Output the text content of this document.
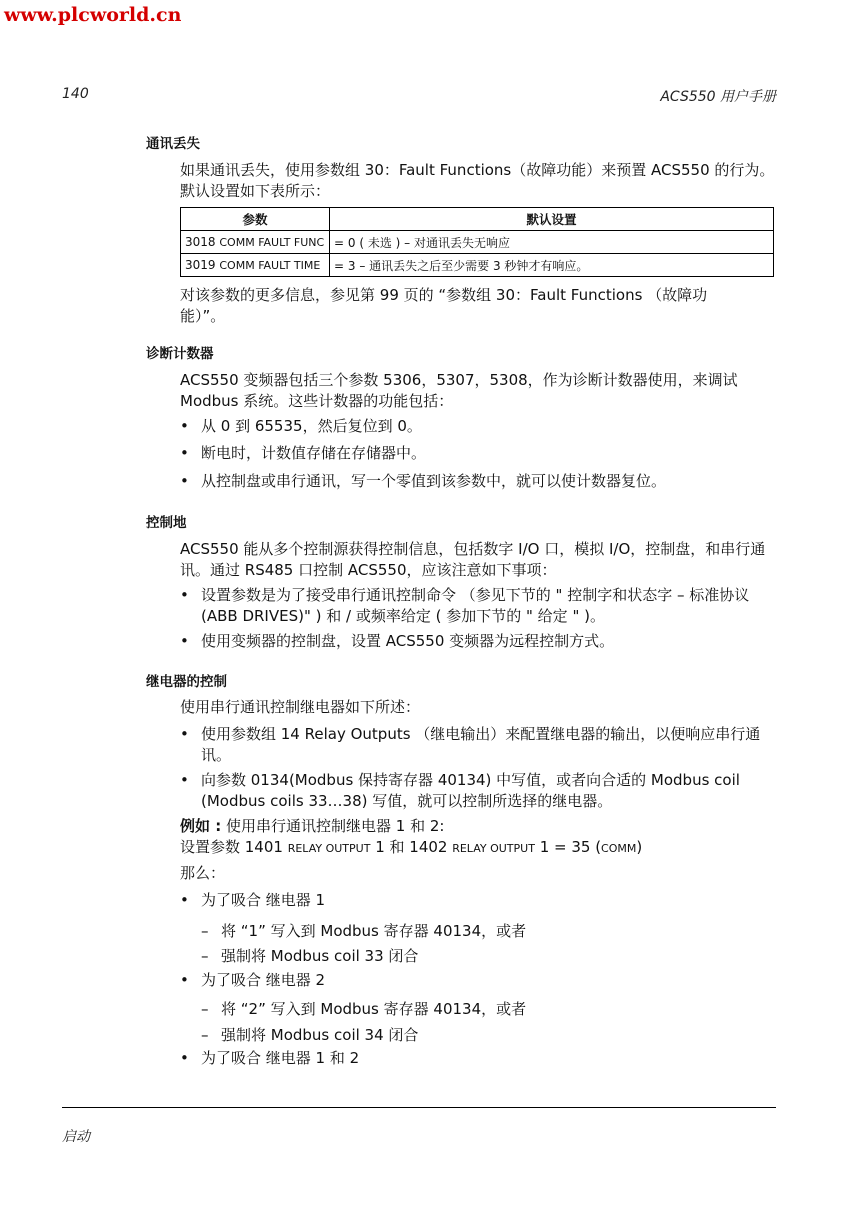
www.plcworld.cn
140	ACS550 用户手册
通讯丢失
如果通讯丢失，使用参数组 30：Fault Functions（故障功能）来预置 ACS550 的行为。默认设置如下表所示：
参数	默认设置
3018 COMM FAULT FUNC	= 0 ( 未选 ) – 对通讯丢失无响应
3019 COMM FAULT TIME	= 3 – 通讯丢失之后至少需要 3 秒钟才有响应。
对该参数的更多信息，参见第 99 页的 “参数组 30：Fault Functions （故障功能）”。
诊断计数器
ACS550 变频器包括三个参数 5306，5307，5308，作为诊断计数器使用，来调试 Modbus 系统。这些计数器的功能包括：
• 从 0 到 65535，然后复位到 0。
• 断电时，计数值存储在存储器中。
• 从控制盘或串行通讯，写一个零值到该参数中，就可以使计数器复位。
控制地
ACS550 能从多个控制源获得控制信息，包括数字 I/O 口，模拟 I/O，控制盘，和串行通讯。通过 RS485 口控制 ACS550，应该注意如下事项：
• 设置参数是为了接受串行通讯控制命令 （参见下节的 " 控制字和状态字 – 标准协议 (ABB DRIVES)" ) 和 / 或频率给定 ( 参加下节的 " 给定 " )。
• 使用变频器的控制盘，设置 ACS550 变频器为远程控制方式。
继电器的控制
使用串行通讯控制继电器如下所述：
• 使用参数组 14 Relay Outputs （继电输出）来配置继电器的输出，以便响应串行通讯。
• 向参数 0134(Modbus 保持寄存器 40134) 中写值，或者向合适的 Modbus coil (Modbus coils 33…38) 写值，就可以控制所选择的继电器。
例如 : 使用串行通讯控制继电器 1 和 2:
设置参数 1401 RELAY OUTPUT 1 和 1402 RELAY OUTPUT 1 = 35 (COMM)
那么：
• 为了吸合 继电器 1
– 将 “1” 写入到 Modbus 寄存器 40134，或者
– 强制将 Modbus coil 33 闭合
• 为了吸合 继电器 2
– 将 “2” 写入到 Modbus 寄存器 40134，或者
– 强制将 Modbus coil 34 闭合
• 为了吸合 继电器 1 和 2
启动
